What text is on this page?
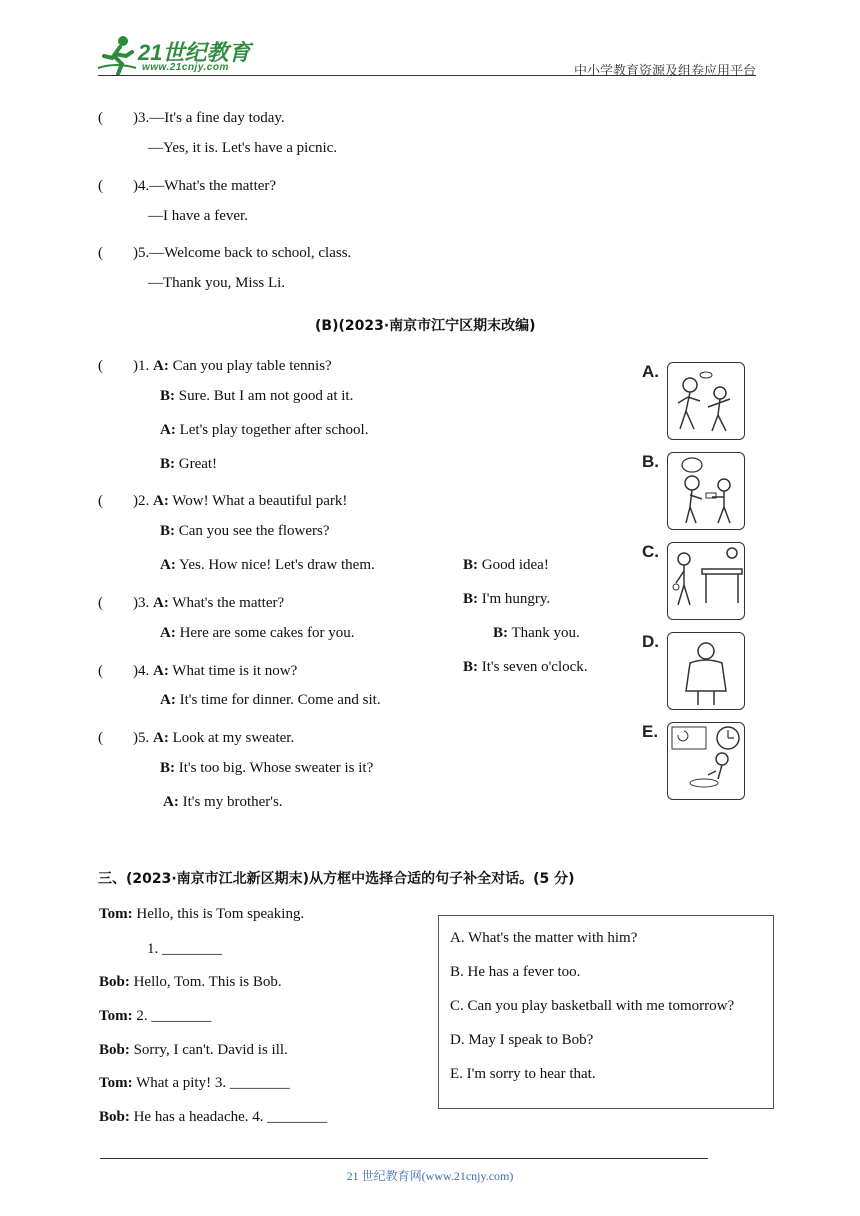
21世纪教育
www.21cnjy.com	中小学教育资源及组卷应用平台
(　　)3.—It's a fine day today.
—Yes, it is. Let's have a picnic.
(　　)4.—What's the matter?
—I have a fever.
(　　)5.—Welcome back to school, class.
—Thank you, Miss Li.
(B)(2023·南京市江宁区期末改编)
(　　)1. A: Can you play table tennis?
B: Sure. But I am not good at it.
A: Let's play together after school.
B: Great!
(　　)2. A: Wow! What a beautiful park!
B: Can you see the flowers?
A: Yes. How nice! Let's draw them.	B: Good idea!
(　　)3. A: What's the matter?	B: I'm hungry.
A: Here are some cakes for you.	B: Thank you.
(　　)4. A: What time is it now?	B: It's seven o'clock.
A: It's time for dinner. Come and sit.
(　　)5. A: Look at my sweater.
B: It's too big. Whose sweater is it?
A: It's my brother's.
A.
B.
C.
D.
E.
三、(2023·南京市江北新区期末)从方框中选择合适的句子补全对话。(5 分)
Tom: Hello, this is Tom speaking.
1. ________
Bob: Hello, Tom. This is Bob.
Tom: 2. ________
Bob: Sorry, I can't. David is ill.
Tom: What a pity! 3. ________
Bob: He has a headache. 4. ________
A. What's the matter with him?
B. He has a fever too.
C. Can you play basketball with me tomorrow?
D. May I speak to Bob?
E. I'm sorry to hear that.
21 世纪教育网(www.21cnjy.com)
